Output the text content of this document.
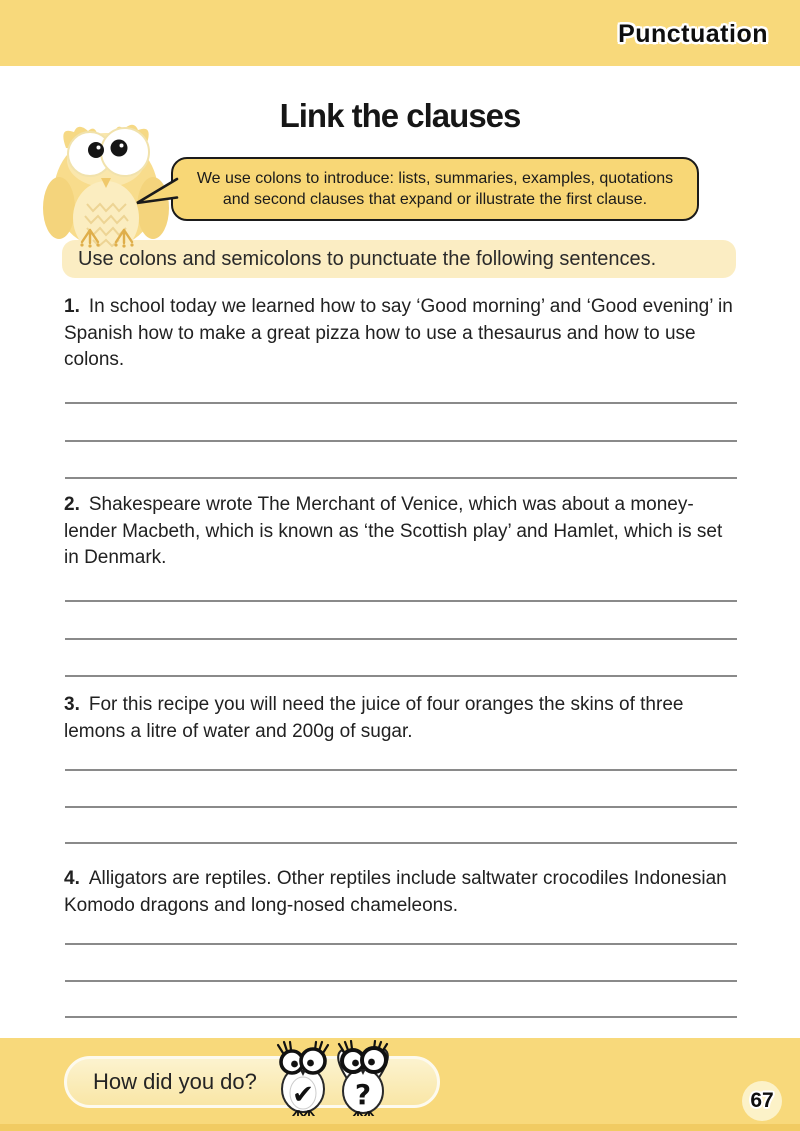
Punctuation
Link the clauses
We use colons to introduce: lists, summaries, examples, quotations and second clauses that expand or illustrate the first clause.
Use colons and semicolons to punctuate the following sentences.

1. In school today we learned how to say ‘Good morning’ and ‘Good evening’ in Spanish how to make a great pizza how to use a thesaurus and how to use colons.

2. Shakespeare wrote The Merchant of Venice, which was about a money-lender Macbeth, which is known as ‘the Scottish play’ and Hamlet, which is set in Denmark.

3. For this recipe you will need the juice of four oranges the skins of three lemons a litre of water and 200g of sugar.

4. Alligators are reptiles. Other reptiles include saltwater crocodiles Indonesian Komodo dragons and long-nosed chameleons.

How did you do? ✔ ?	67
